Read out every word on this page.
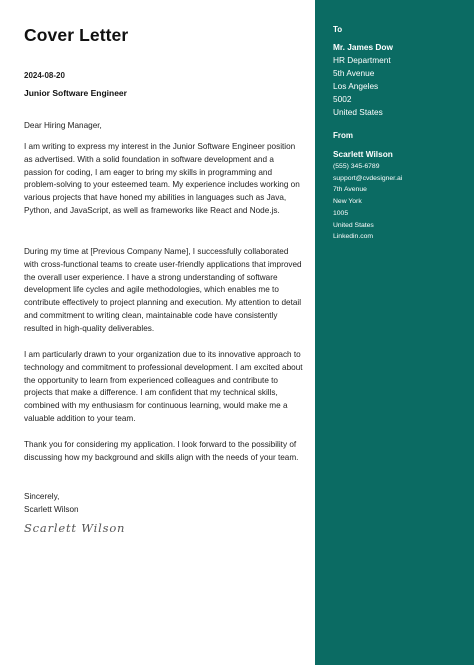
Cover Letter
2024-08-20
Junior Software Engineer
Dear Hiring Manager,

I am writing to express my interest in the Junior Software Engineer position as advertised. With a solid foundation in software development and a passion for coding, I am eager to bring my skills in programming and problem-solving to your esteemed team. My experience includes working on various projects that have honed my abilities in languages such as Java, Python, and JavaScript, as well as frameworks like React and Node.js.

During my time at [Previous Company Name], I successfully collaborated with cross-functional teams to create user-friendly applications that improved the overall user experience. I have a strong understanding of software development life cycles and agile methodologies, which enables me to contribute effectively to project planning and execution. My attention to detail and commitment to writing clean, maintainable code have consistently resulted in high-quality deliverables.

I am particularly drawn to your organization due to its innovative approach to technology and commitment to professional development. I am excited about the opportunity to learn from experienced colleagues and contribute to projects that make a difference. I am confident that my technical skills, combined with my enthusiasm for continuous learning, would make me a valuable addition to your team.

Thank you for considering my application. I look forward to the possibility of discussing how my background and skills align with the needs of your team.

Sincerely,
Scarlett Wilson
Scarlett Wilson
To
Mr. James Dow
HR Department
5th Avenue
Los Angeles
5002
United States
From
Scarlett Wilson
(555) 345-6789
support@cvdesigner.ai
7th Avenue
New York
1005
United States
Linkedin.com
